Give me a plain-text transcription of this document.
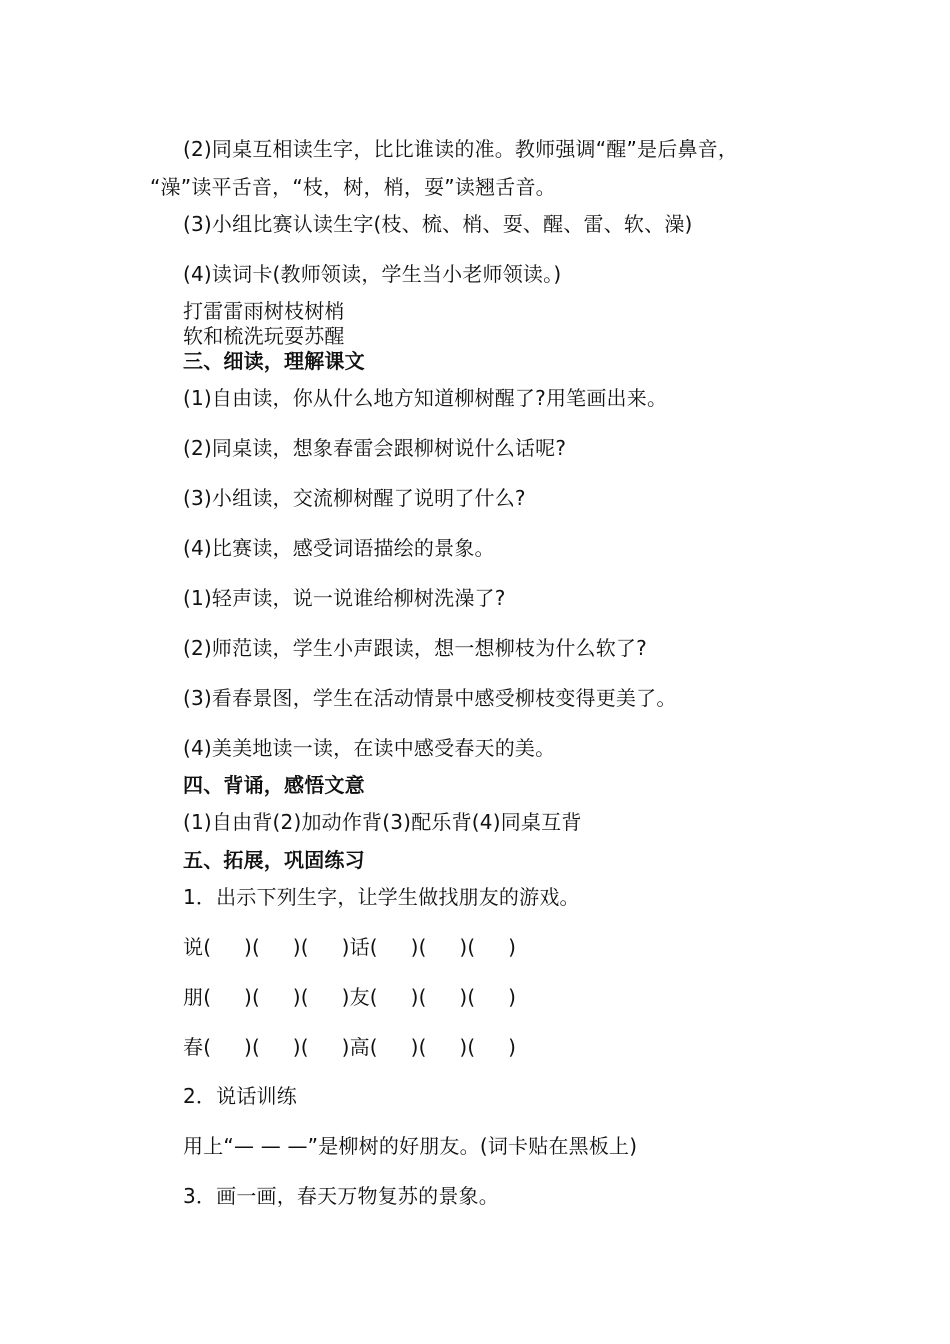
(2)同桌互相读生字，比比谁读的准。教师强调“醒”是后鼻音，
“澡”读平舌音，“枝，树，梢，耍”读翘舌音。
(3)小组比赛认读生字(枝、梳、梢、耍、醒、雷、软、澡)
(4)读词卡(教师领读，学生当小老师领读。)
打雷雷雨树枝树梢
软和梳洗玩耍苏醒
三、细读，理解课文
(1)自由读，你从什么地方知道柳树醒了?用笔画出来。
(2)同桌读，想象春雷会跟柳树说什么话呢?
(3)小组读，交流柳树醒了说明了什么?
(4)比赛读，感受词语描绘的景象。
(1)轻声读，说一说谁给柳树洗澡了?
(2)师范读，学生小声跟读，想一想柳枝为什么软了?
(3)看春景图，学生在活动情景中感受柳枝变得更美了。
(4)美美地读一读，在读中感受春天的美。
四、背诵，感悟文意
(1)自由背(2)加动作背(3)配乐背(4)同桌互背
五、拓展，巩固练习
1．出示下列生字，让学生做找朋友的游戏。
说(     )(     )(     )话(     )(     )(     )
朋(     )(     )(     )友(     )(     )(     )
春(     )(     )(     )高(     )(     )(     )
2．说话训练
用上“— — —”是柳树的好朋友。(词卡贴在黑板上)
3．画一画，春天万物复苏的景象。
